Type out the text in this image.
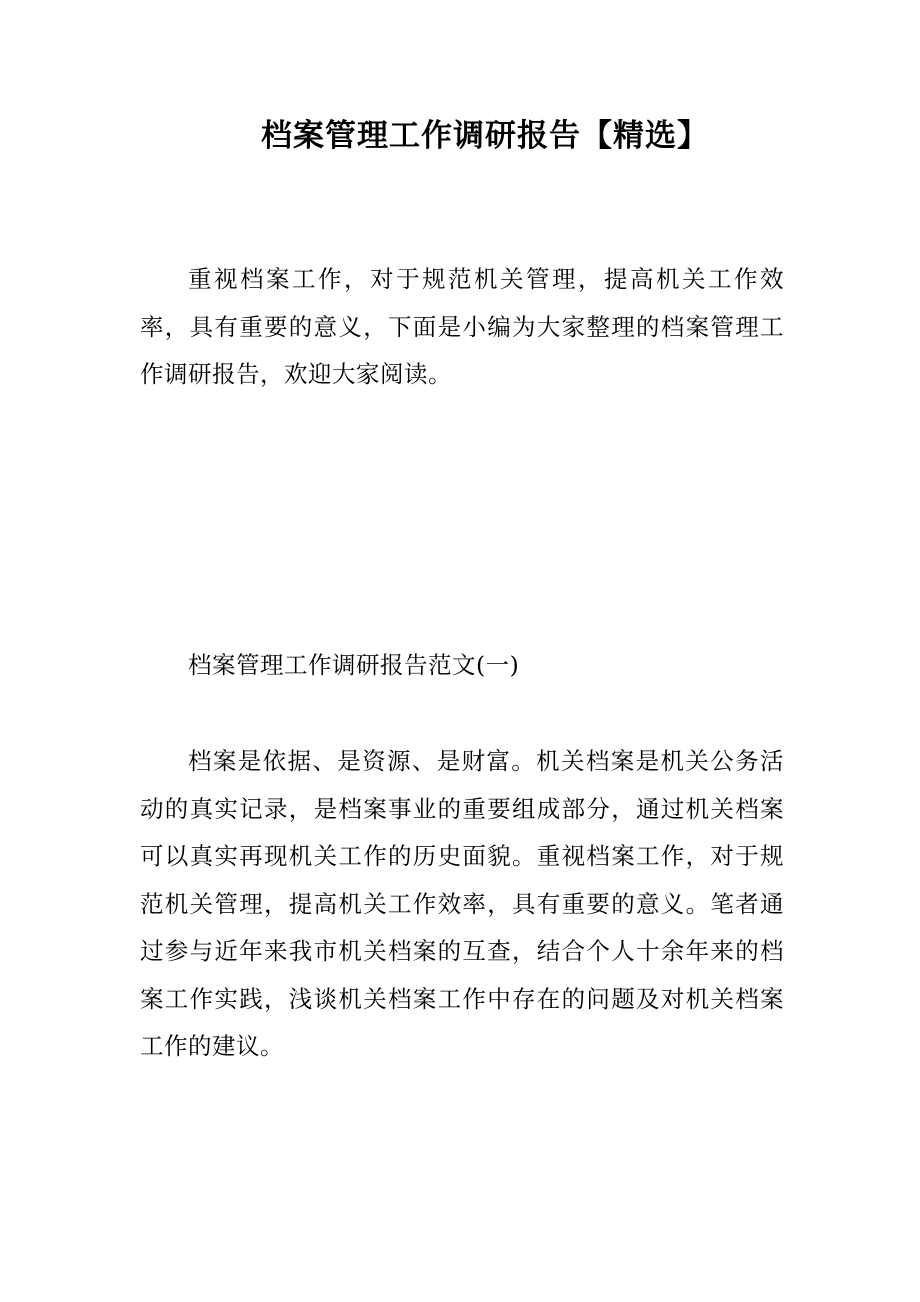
档案管理工作调研报告【精选】

重视档案工作，对于规范机关管理，提高机关工作效率，具有重要的意义，下面是小编为大家整理的档案管理工作调研报告，欢迎大家阅读。

档案管理工作调研报告范文(一)

档案是依据、是资源、是财富。机关档案是机关公务活动的真实记录，是档案事业的重要组成部分，通过机关档案可以真实再现机关工作的历史面貌。重视档案工作，对于规范机关管理，提高机关工作效率，具有重要的意义。笔者通过参与近年来我市机关档案的互查，结合个人十余年来的档案工作实践，浅谈机关档案工作中存在的问题及对机关档案工作的建议。
